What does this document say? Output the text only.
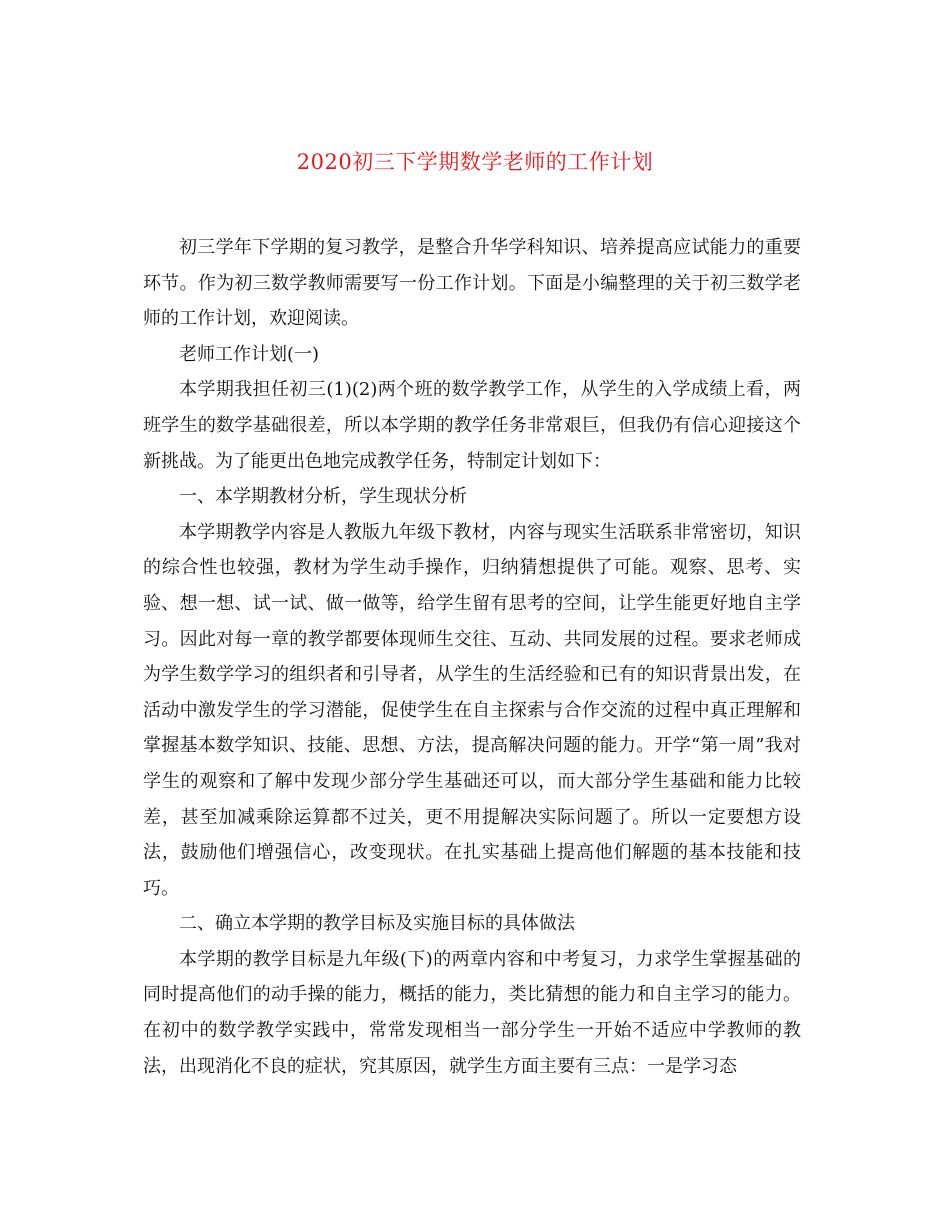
2020初三下学期数学老师的工作计划

初三学年下学期的复习教学，是整合升华学科知识、培养提高应试能力的重要环节。作为初三数学教师需要写一份工作计划。下面是小编整理的关于初三数学老师的工作计划，欢迎阅读。

老师工作计划(一)

本学期我担任初三(1)(2)两个班的数学教学工作，从学生的入学成绩上看，两班学生的数学基础很差，所以本学期的教学任务非常艰巨，但我仍有信心迎接这个新挑战。为了能更出色地完成教学任务，特制定计划如下：

一、本学期教材分析，学生现状分析

本学期教学内容是人教版九年级下教材，内容与现实生活联系非常密切，知识的综合性也较强，教材为学生动手操作，归纳猜想提供了可能。观察、思考、实验、想一想、试一试、做一做等，给学生留有思考的空间，让学生能更好地自主学习。因此对每一章的教学都要体现师生交往、互动、共同发展的过程。要求老师成为学生数学学习的组织者和引导者，从学生的生活经验和已有的知识背景出发，在活动中激发学生的学习潜能，促使学生在自主探索与合作交流的过程中真正理解和掌握基本数学知识、技能、思想、方法，提高解决问题的能力。开学“第一周”我对学生的观察和了解中发现少部分学生基础还可以，而大部分学生基础和能力比较差，甚至加减乘除运算都不过关，更不用提解决实际问题了。所以一定要想方设法，鼓励他们增强信心，改变现状。在扎实基础上提高他们解题的基本技能和技巧。

二、确立本学期的教学目标及实施目标的具体做法

本学期的教学目标是九年级(下)的两章内容和中考复习，力求学生掌握基础的同时提高他们的动手操的能力，概括的能力，类比猜想的能力和自主学习的能力。在初中的数学教学实践中，常常发现相当一部分学生一开始不适应中学教师的教法，出现消化不良的症状，究其原因，就学生方面主要有三点：一是学习态
